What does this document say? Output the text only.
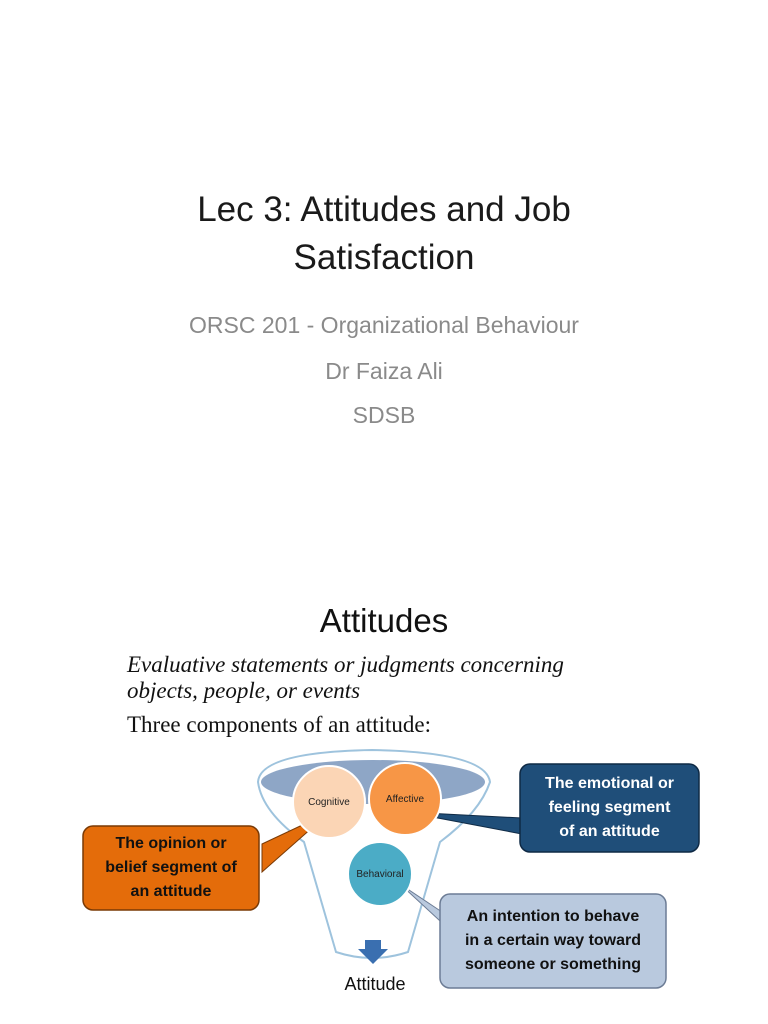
Lec 3: Attitudes and Job
Satisfaction
ORSC 201 - Organizational Behaviour
Dr Faiza Ali
SDSB
Attitudes
Evaluative statements or judgments concerning
objects, people, or events
Three components of an attitude:
Cognitive	Affective
Behavioral
The opinion or
belief segment of
an attitude
The emotional or
feeling segment
of an attitude
An intention to behave
in a certain way toward
someone or something
Attitude
